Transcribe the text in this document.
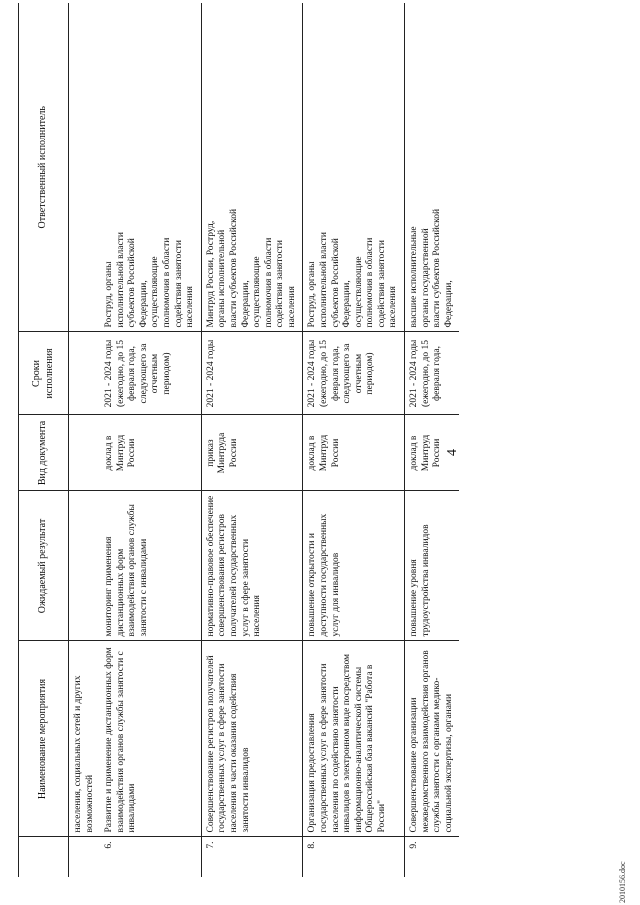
4
	Наименование мероприятия	Ожидаемый результат	Вид документа	Сроки исполнения	Ответственный исполнитель

	населения, социальных сетей и других возможностей				

6.	Развитие и применение дистанционных форм взаимодействия органов службы занятости с инвалидами	мониторинг применения дистанционных форм взаимодействия органов службы занятости с инвалидами	доклад в Минтруд России	2021 - 2024 годы (ежегодно, до 15 февраля года, следующего за отчетным периодом)	Роструд, органы исполнительной власти субъектов Российской Федерации, осуществляющие полномочия в области содействия занятости населения

7.	Совершенствование регистров получателей государственных услуг в сфере занятости населения в части оказания содействия занятости инвалидов	нормативно-правовое обеспечение совершенствования регистров получателей государственных услуг в сфере занятости населения	приказ Минтруда России	2021 - 2024 годы	Минтруд России, Роструд, органы исполнительной власти субъектов Российской Федерации, осуществляющие полномочия в области содействия занятости населения

8.	Организация предоставления государственных услуг в сфере занятости населения по содействию занятости инвалидов в электронном виде посредством информационно-аналитической системы Общероссийская база вакансий "Работа в России"	повышение открытости и доступности государственных услуг для инвалидов	доклад в Минтруд России	2021 - 2024 годы (ежегодно, до 15 февраля года, следующего за отчетным периодом)	Роструд, органы исполнительной власти субъектов Российской Федерации, осуществляющие полномочия в области содействия занятости населения

9.	Совершенствование организации межведомственного взаимодействия органов службы занятости с органами медико-социальной экспертизы, органами	повышение уровня трудоустройства инвалидов	доклад в Минтруд России	2021 - 2024 годы (ежегодно, до 15 февраля года,	высшие исполнительные органы государственной власти субъектов Российской Федерации,
2010156.doc
